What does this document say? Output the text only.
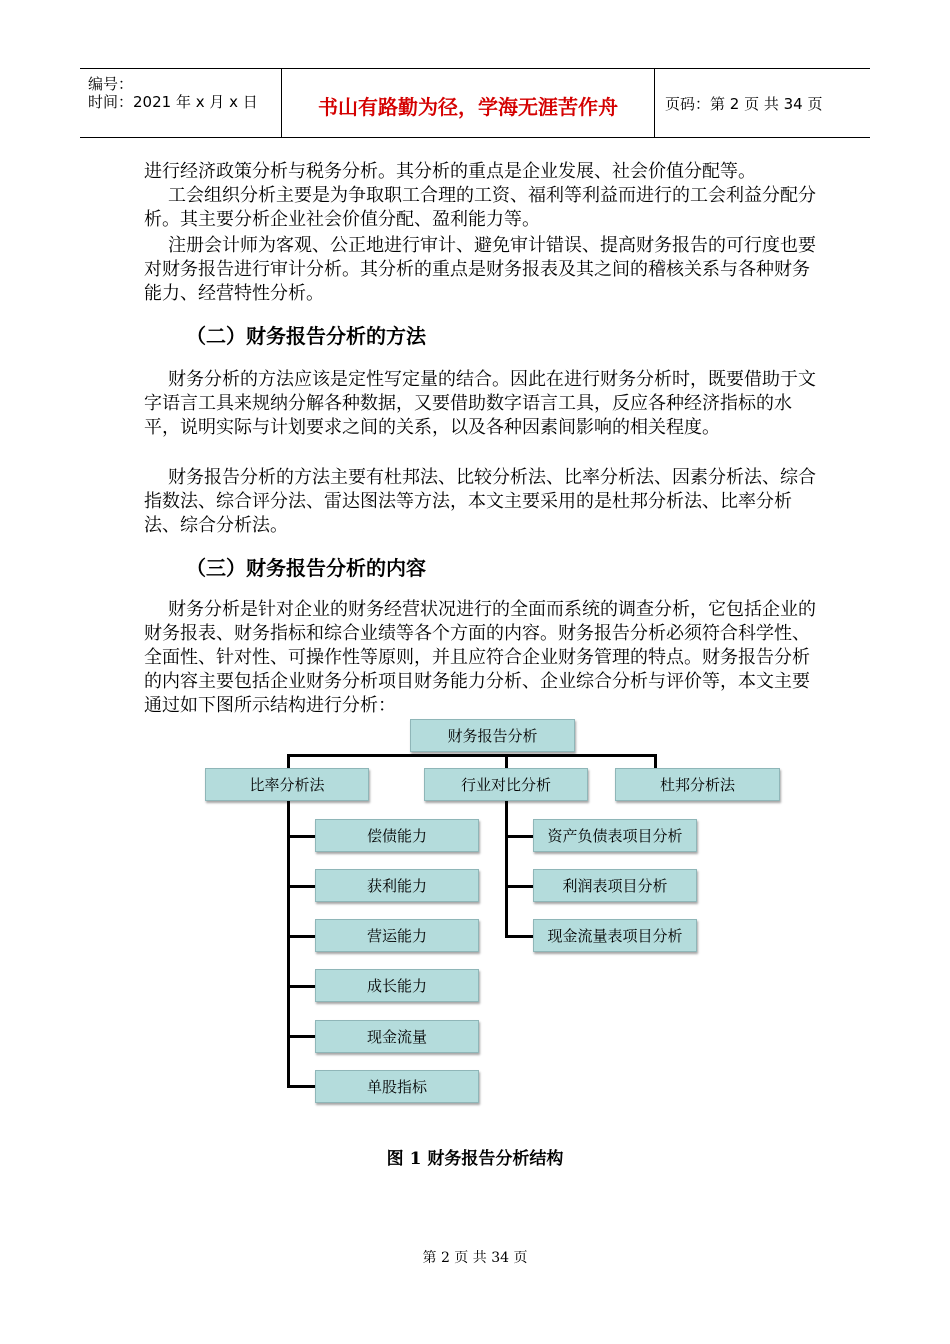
编号：
时间：2021 年 x 月 x 日	书山有路勤为径，学海无涯苦作舟	页码：第 2 页 共 34 页

进行经济政策分析与税务分析。其分析的重点是企业发展、社会价值分配等。

工会组织分析主要是为争取职工合理的工资、福利等利益而进行的工会利益分配分析。其主要分析企业社会价值分配、盈利能力等。

注册会计师为客观、公正地进行审计、避免审计错误、提高财务报告的可行度也要对财务报告进行审计分析。其分析的重点是财务报表及其之间的稽核关系与各种财务能力、经营特性分析。

（二）财务报告分析的方法

财务分析的方法应该是定性写定量的结合。因此在进行财务分析时，既要借助于文字语言工具来规纳分解各种数据，又要借助数字语言工具，反应各种经济指标的水平，说明实际与计划要求之间的关系，以及各种因素间影响的相关程度。

财务报告分析的方法主要有杜邦法、比较分析法、比率分析法、因素分析法、综合指数法、综合评分法、雷达图法等方法，本文主要采用的是杜邦分析法、比率分析法、综合分析法。

（三）财务报告分析的内容

财务分析是针对企业的财务经营状况进行的全面而系统的调查分析，它包括企业的财务报表、财务指标和综合业绩等各个方面的内容。财务报告分析必须符合科学性、全面性、针对性、可操作性等原则，并且应符合企业财务管理的特点。财务报告分析的内容主要包括企业财务分析项目财务能力分析、企业综合分析与评价等，本文主要通过如下图所示结构进行分析：

财务报告分析
比率分析法	行业对比分析	杜邦分析法
偿债能力
获利能力
营运能力
成长能力
现金流量
单股指标
资产负债表项目分析
利润表项目分析
现金流量表项目分析
图 1 财务报告分析结构
第 2 页 共 34 页
